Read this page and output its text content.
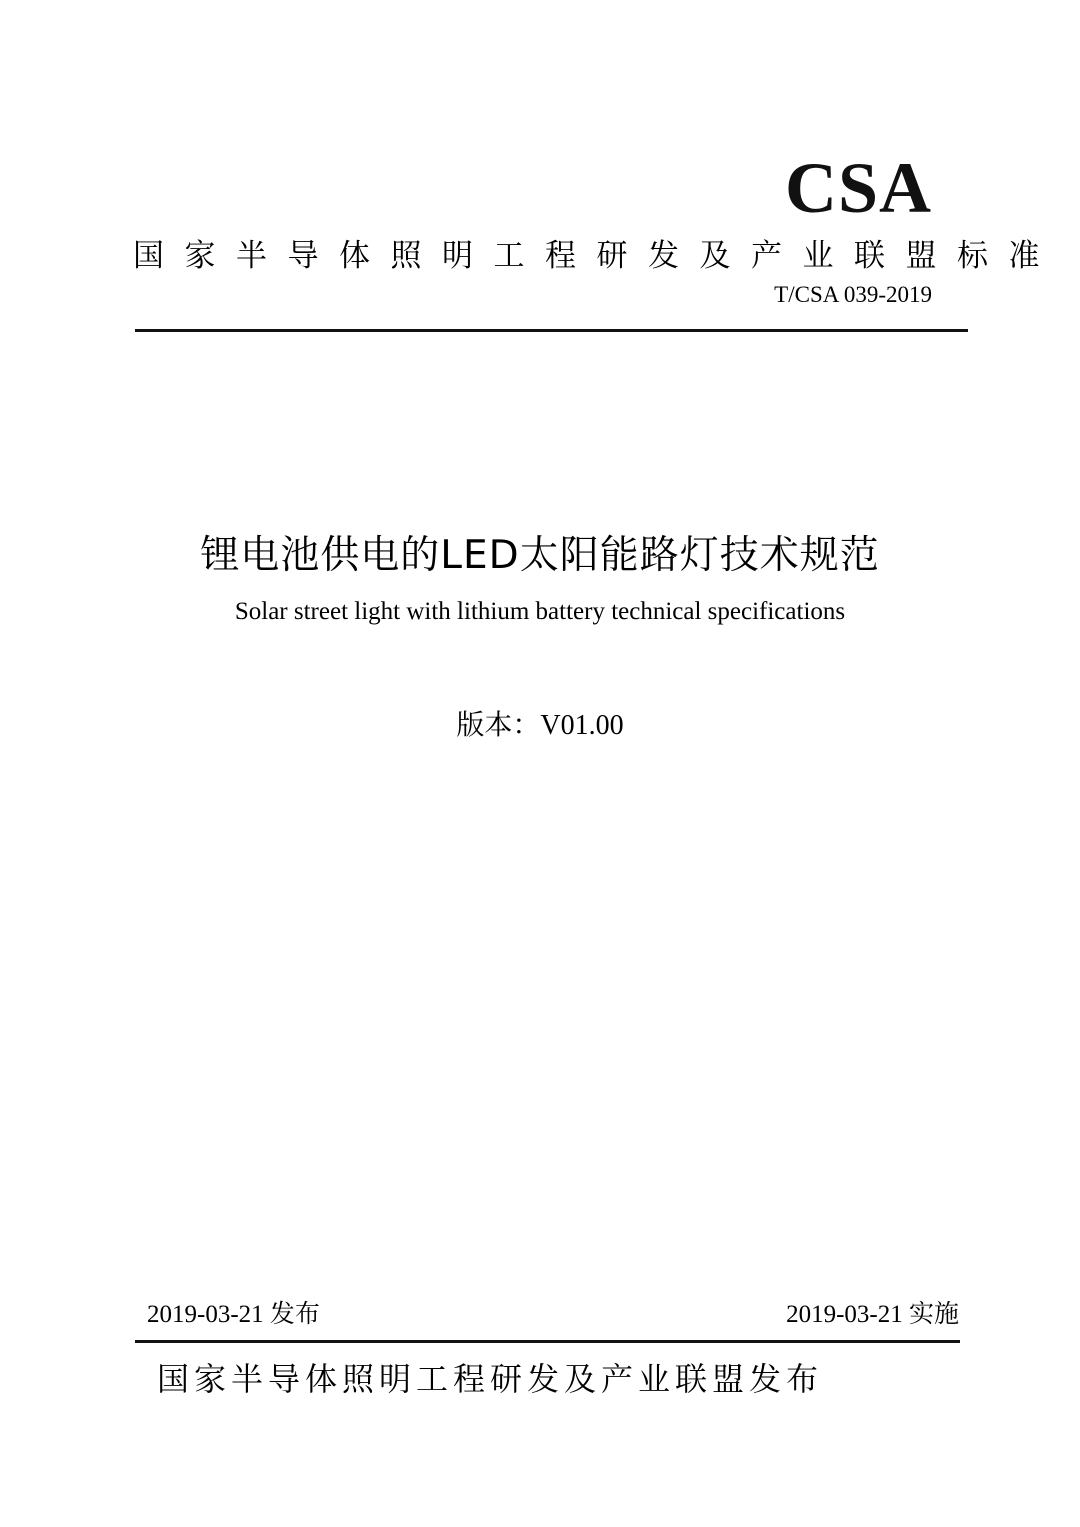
CSA
国家半导体照明工程研发及产业联盟标准
T/CSA 039-2019
锂电池供电的LED太阳能路灯技术规范
Solar street light with lithium battery technical specifications
版本：V01.00
2019-03-21 发布	2019-03-21 实施
国家半导体照明工程研发及产业联盟发布
